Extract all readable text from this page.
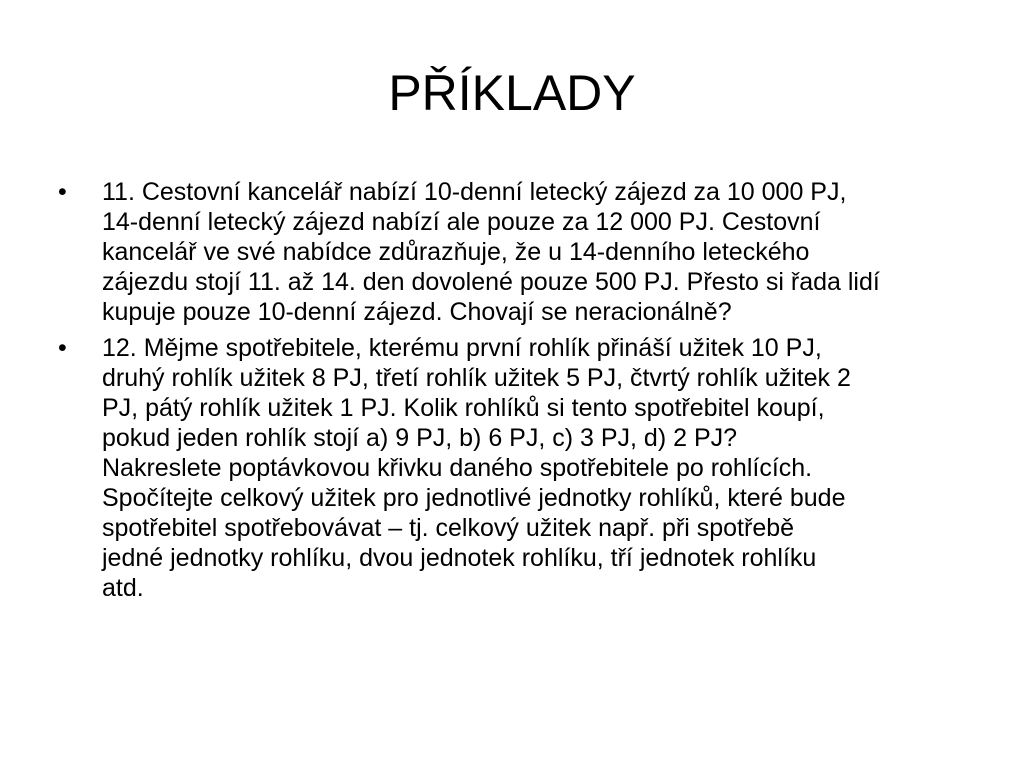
PŘÍKLADY
•	11. Cestovní kancelář nabízí 10-denní letecký zájezd za 10 000 PJ,
14-denní letecký zájezd nabízí ale pouze za 12 000 PJ. Cestovní
kancelář ve své nabídce zdůrazňuje, že u 14-denního leteckého
zájezdu stojí 11. až 14. den dovolené pouze 500 PJ. Přesto si řada lidí
kupuje pouze 10-denní zájezd. Chovají se neracionálně?
•	12. Mějme spotřebitele, kterému první rohlík přináší užitek 10 PJ,
druhý rohlík užitek 8 PJ, třetí rohlík užitek 5 PJ, čtvrtý rohlík užitek 2
PJ, pátý rohlík užitek 1 PJ. Kolik rohlíků si tento spotřebitel koupí,
pokud jeden rohlík stojí a) 9 PJ, b) 6 PJ, c) 3 PJ, d) 2 PJ?
Nakreslete poptávkovou křivku daného spotřebitele po rohlících.
Spočítejte celkový užitek pro jednotlivé jednotky rohlíků, které bude
spotřebitel spotřebovávat – tj. celkový užitek např. při spotřebě
jedné jednotky rohlíku, dvou jednotek rohlíku, tří jednotek rohlíku
atd.
